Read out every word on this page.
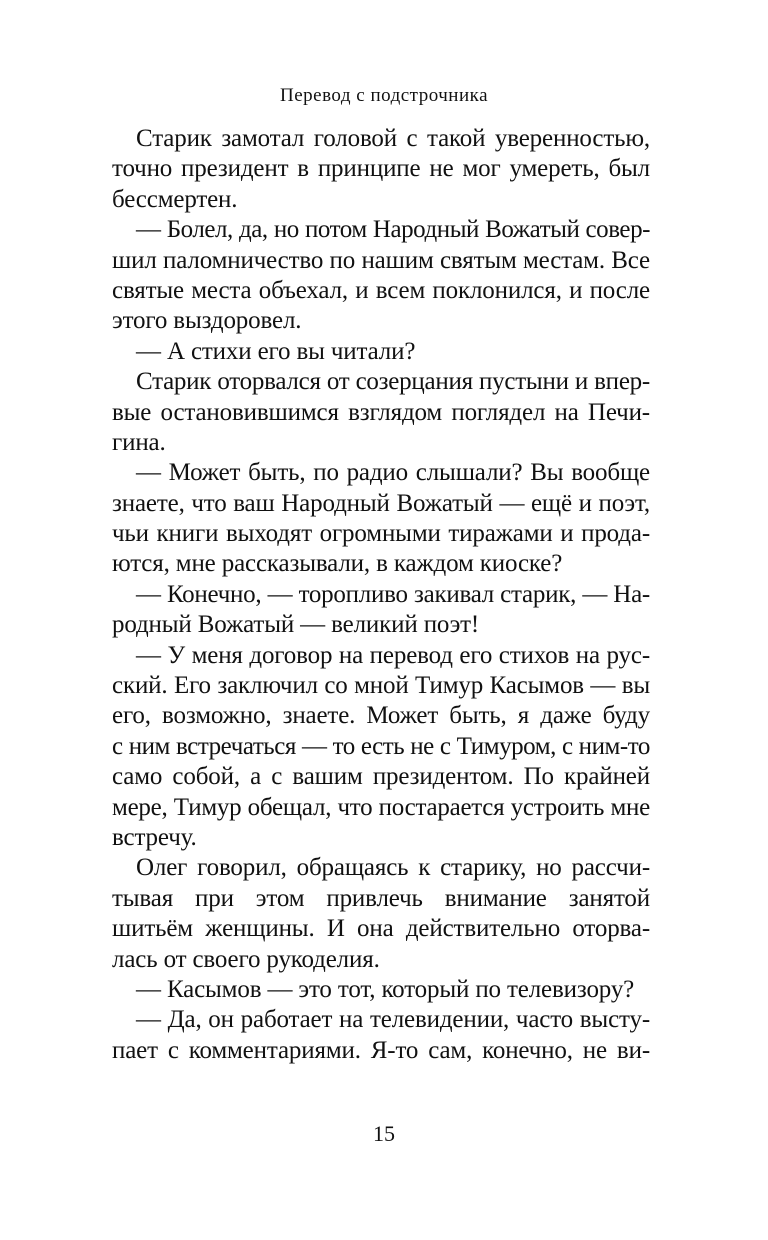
Перевод с подстрочника
Старик замотал головой с такой уверенностью,
точно президент в принципе не мог умереть, был
бессмертен.
— Болел, да, но потом Народный Вожатый совер-
шил паломничество по нашим святым местам. Все
святые места объехал, и всем поклонился, и после
этого выздоровел.
— А стихи его вы читали?
Старик оторвался от созерцания пустыни и впер-
вые остановившимся взглядом поглядел на Печи-
гина.
— Может быть, по радио слышали? Вы вообще
знаете, что ваш Народный Вожатый — ещё и поэт,
чьи книги выходят огромными тиражами и прода-
ются, мне рассказывали, в каждом киоске?
— Конечно, — торопливо закивал старик, — На-
родный Вожатый — великий поэт!
— У меня договор на перевод его стихов на рус-
ский. Его заключил со мной Тимур Касымов — вы
его, возможно, знаете. Может быть, я даже буду
с ним встречаться — то есть не с Тимуром, с ним-то
само собой, а с вашим президентом. По крайней
мере, Тимур обещал, что постарается устроить мне
встречу.
Олег говорил, обращаясь к старику, но рассчи-
тывая при этом привлечь внимание занятой
шитьём женщины. И она действительно оторва-
лась от своего рукоделия.
— Касымов — это тот, который по телевизору?
— Да, он работает на телевидении, часто высту-
пает с комментариями. Я-то сам, конечно, не ви-
15
